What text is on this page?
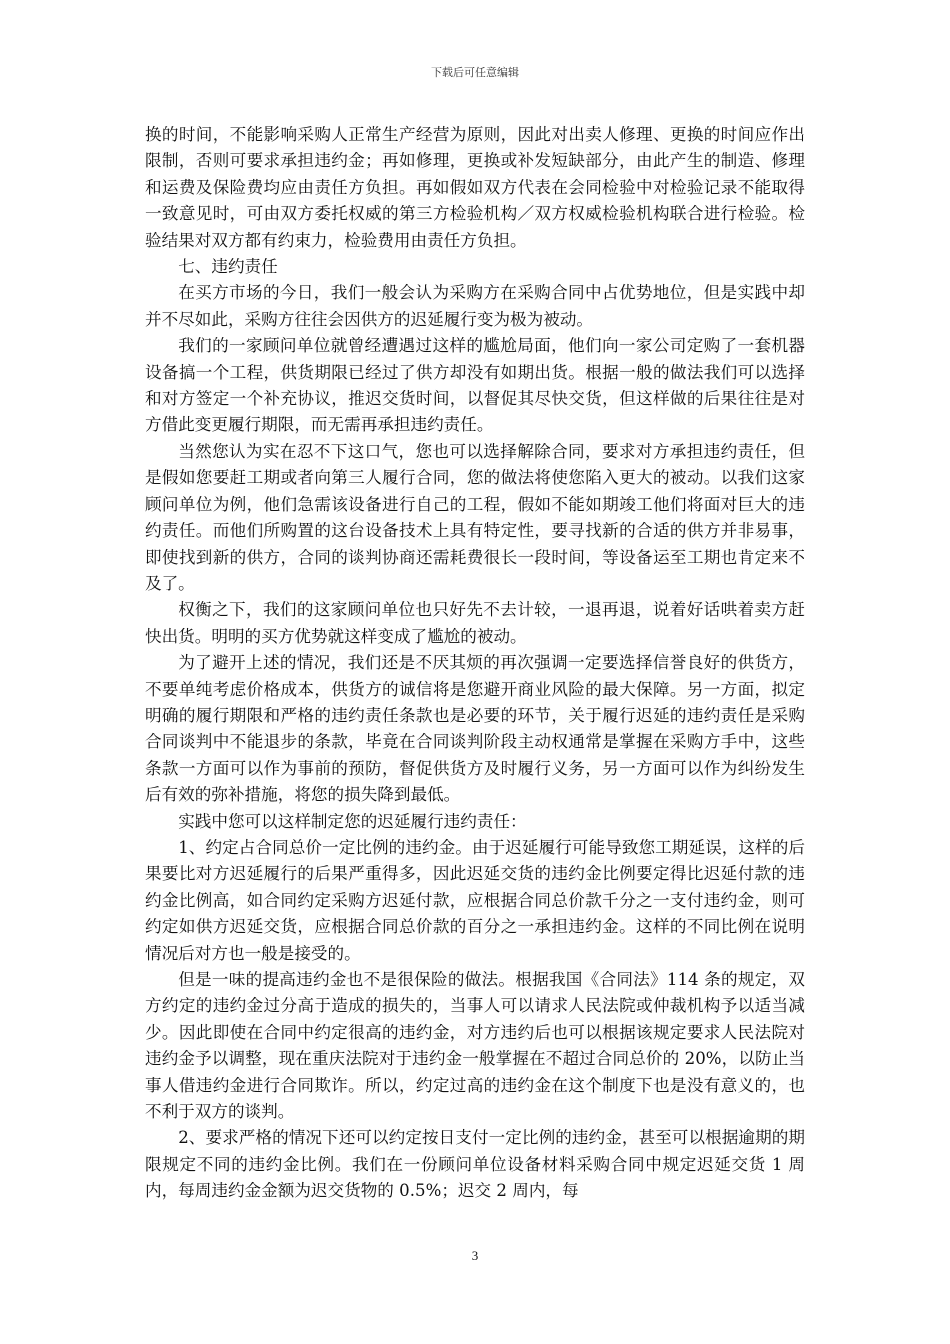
下载后可任意编辑

换的时间，不能影响采购人正常生产经营为原则，因此对出卖人修理、更换的时间应作出限制，否则可要求承担违约金；再如修理，更换或补发短缺部分，由此产生的制造、修理和运费及保险费均应由责任方负担。再如假如双方代表在会同检验中对检验记录不能取得一致意见时，可由双方委托权威的第三方检验机构／双方权威检验机构联合进行检验。检验结果对双方都有约束力，检验费用由责任方负担。

七、违约责任

在买方市场的今日，我们一般会认为采购方在采购合同中占优势地位，但是实践中却并不尽如此，采购方往往会因供方的迟延履行变为极为被动。

我们的一家顾问单位就曾经遭遇过这样的尴尬局面，他们向一家公司定购了一套机器设备搞一个工程，供货期限已经过了供方却没有如期出货。根据一般的做法我们可以选择和对方签定一个补充协议，推迟交货时间，以督促其尽快交货，但这样做的后果往往是对方借此变更履行期限，而无需再承担违约责任。

当然您认为实在忍不下这口气，您也可以选择解除合同，要求对方承担违约责任，但是假如您要赶工期或者向第三人履行合同，您的做法将使您陷入更大的被动。以我们这家顾问单位为例，他们急需该设备进行自己的工程，假如不能如期竣工他们将面对巨大的违约责任。而他们所购置的这台设备技术上具有特定性，要寻找新的合适的供方并非易事，即使找到新的供方，合同的谈判协商还需耗费很长一段时间，等设备运至工期也肯定来不及了。

权衡之下，我们的这家顾问单位也只好先不去计较，一退再退，说着好话哄着卖方赶快出货。明明的买方优势就这样变成了尴尬的被动。

为了避开上述的情况，我们还是不厌其烦的再次强调一定要选择信誉良好的供货方，不要单纯考虑价格成本，供货方的诚信将是您避开商业风险的最大保障。另一方面，拟定明确的履行期限和严格的违约责任条款也是必要的环节，关于履行迟延的违约责任是采购合同谈判中不能退步的条款，毕竟在合同谈判阶段主动权通常是掌握在采购方手中，这些条款一方面可以作为事前的预防，督促供货方及时履行义务，另一方面可以作为纠纷发生后有效的弥补措施，将您的损失降到最低。

实践中您可以这样制定您的迟延履行违约责任：

1、约定占合同总价一定比例的违约金。由于迟延履行可能导致您工期延误，这样的后果要比对方迟延履行的后果严重得多，因此迟延交货的违约金比例要定得比迟延付款的违约金比例高，如合同约定采购方迟延付款，应根据合同总价款千分之一支付违约金，则可约定如供方迟延交货，应根据合同总价款的百分之一承担违约金。这样的不同比例在说明情况后对方也一般是接受的。

但是一味的提高违约金也不是很保险的做法。根据我国《合同法》114 条的规定，双方约定的违约金过分高于造成的损失的，当事人可以请求人民法院或仲裁机构予以适当减少。因此即使在合同中约定很高的违约金，对方违约后也可以根据该规定要求人民法院对违约金予以调整，现在重庆法院对于违约金一般掌握在不超过合同总价的 20%，以防止当事人借违约金进行合同欺诈。所以，约定过高的违约金在这个制度下也是没有意义的，也不利于双方的谈判。

2、要求严格的情况下还可以约定按日支付一定比例的违约金，甚至可以根据逾期的期限规定不同的违约金比例。我们在一份顾问单位设备材料采购合同中规定迟延交货 1 周内，每周违约金金额为迟交货物的 0.5%；迟交 2 周内，每

3
